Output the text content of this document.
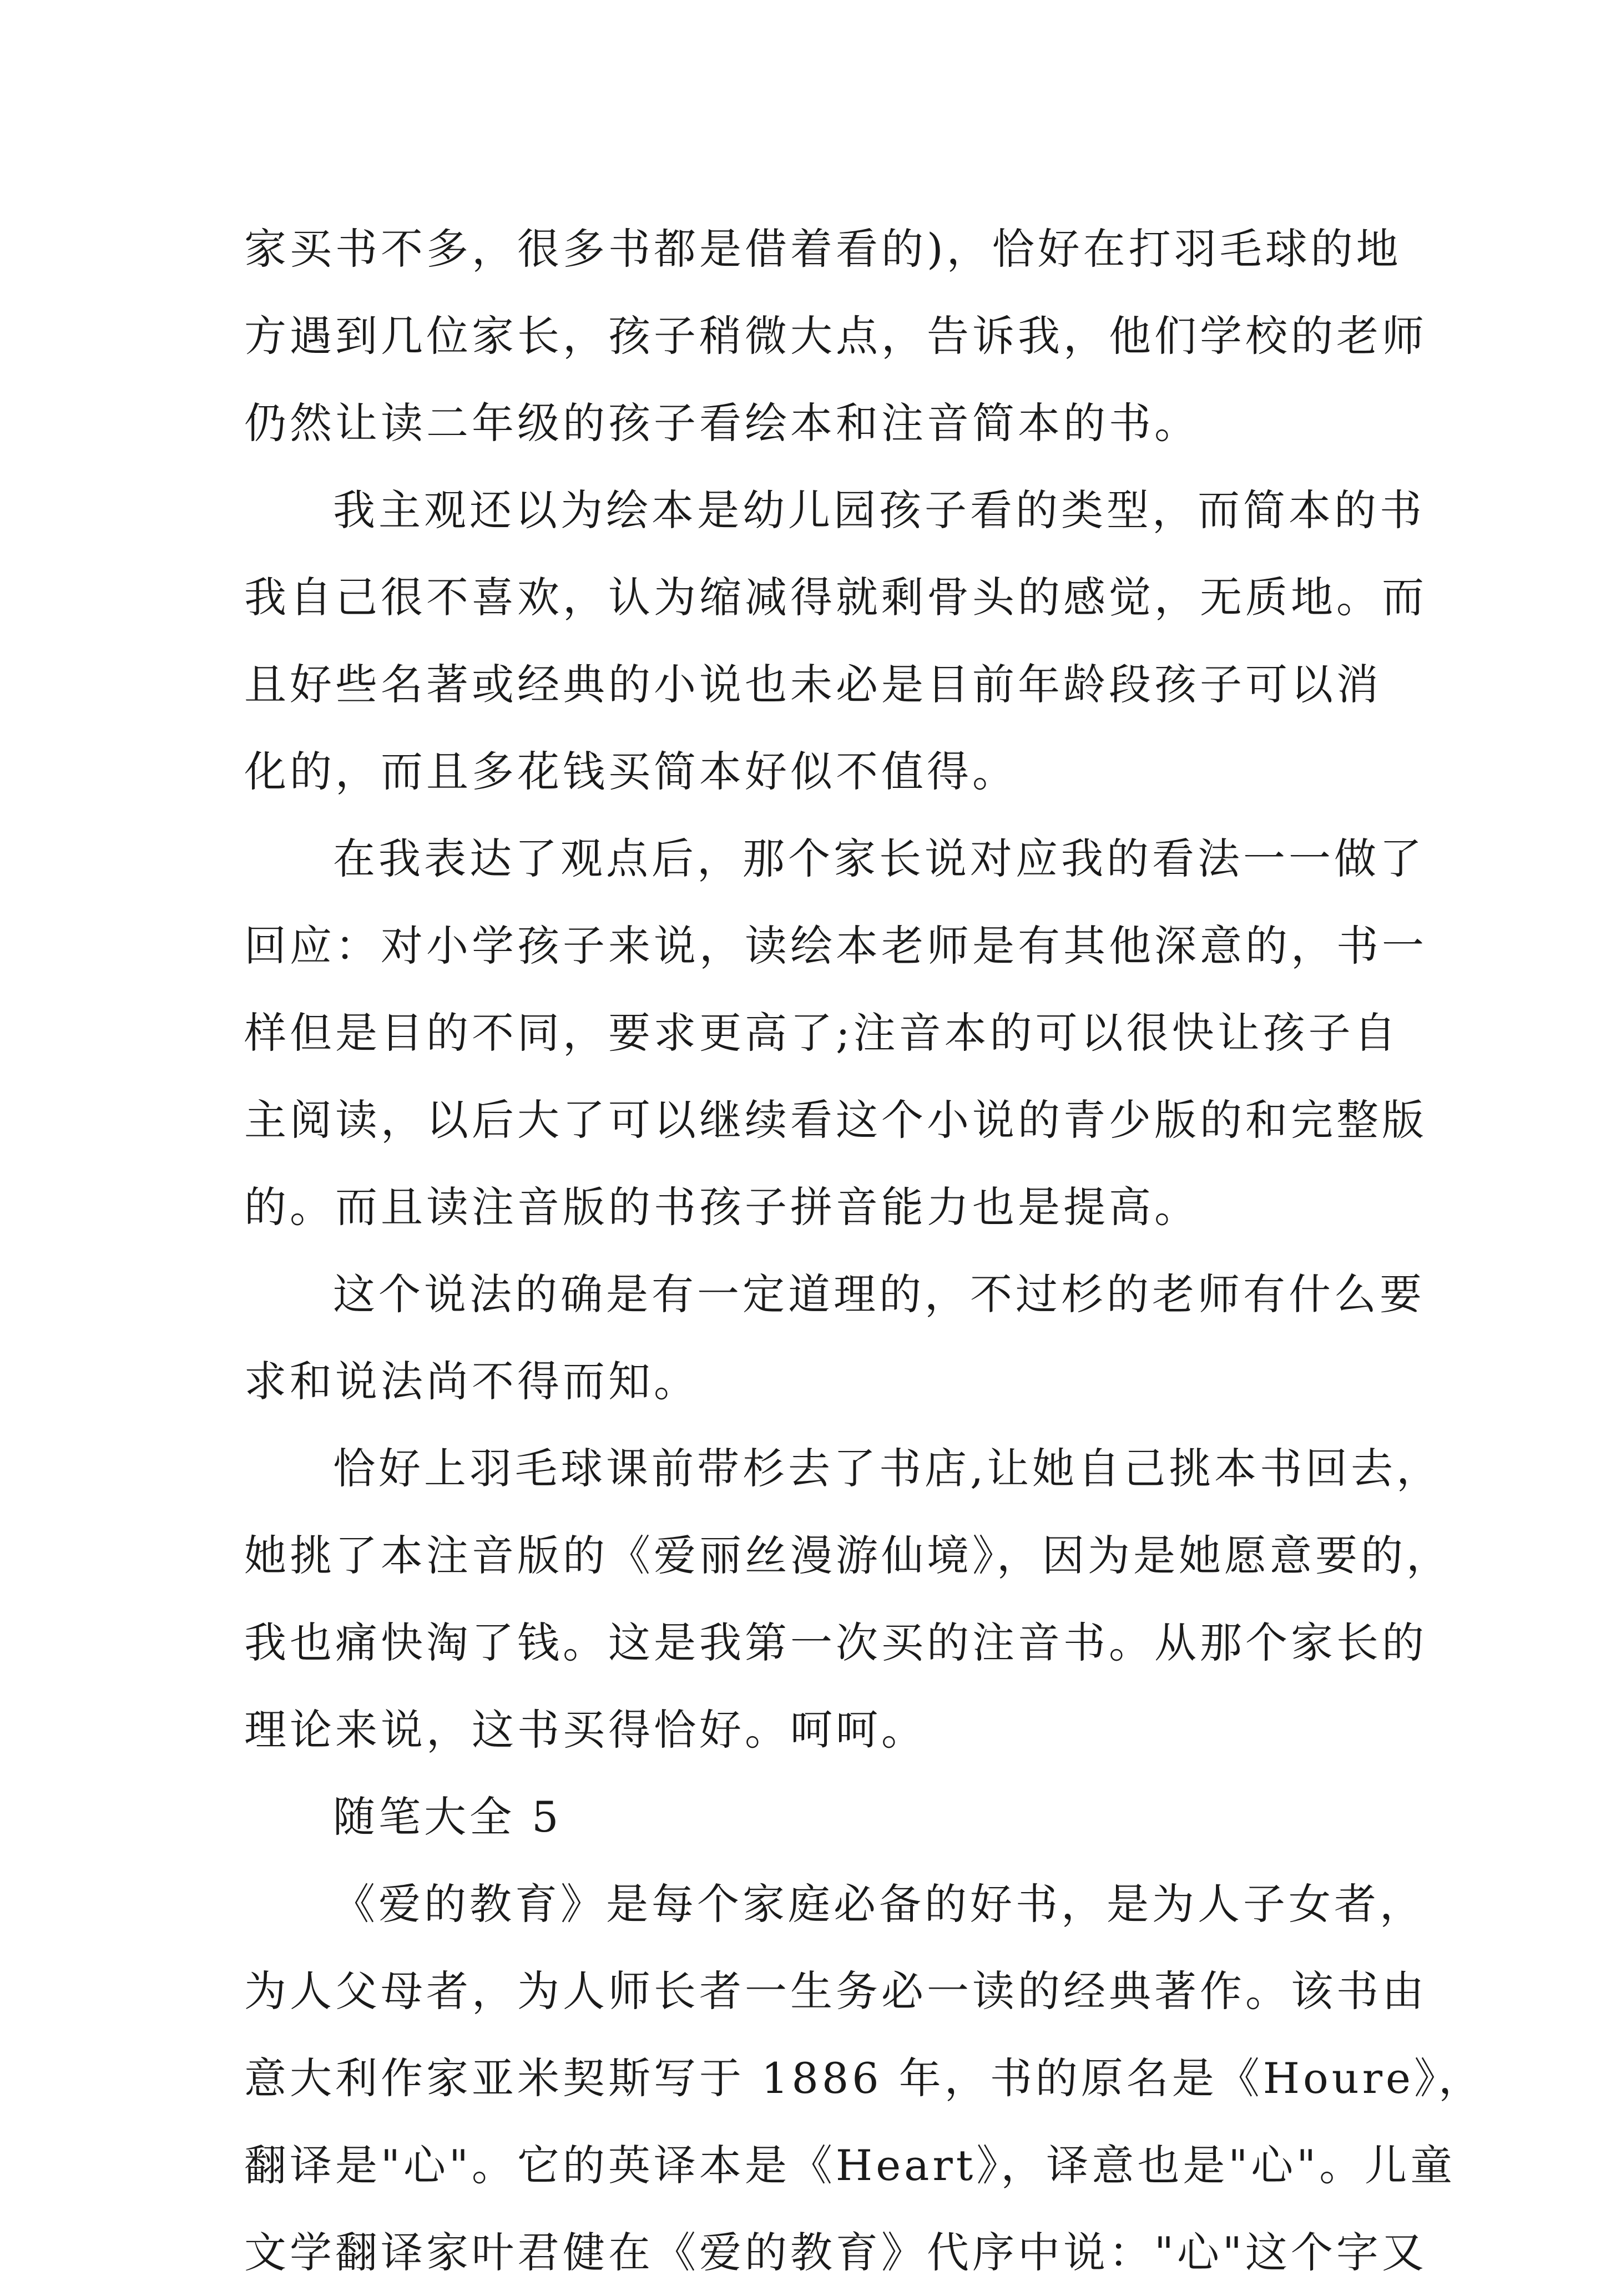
家买书不多，很多书都是借着看的)，恰好在打羽毛球的地
方遇到几位家长，孩子稍微大点，告诉我，他们学校的老师
仍然让读二年级的孩子看绘本和注音简本的书。
我主观还以为绘本是幼儿园孩子看的类型，而简本的书
我自己很不喜欢，认为缩减得就剩骨头的感觉，无质地。而
且好些名著或经典的小说也未必是目前年龄段孩子可以消
化的，而且多花钱买简本好似不值得。
在我表达了观点后，那个家长说对应我的看法一一做了
回应：对小学孩子来说，读绘本老师是有其他深意的，书一
样但是目的不同，要求更高了;注音本的可以很快让孩子自
主阅读，以后大了可以继续看这个小说的青少版的和完整版
的。而且读注音版的书孩子拼音能力也是提高。
这个说法的确是有一定道理的，不过杉的老师有什么要
求和说法尚不得而知。
恰好上羽毛球课前带杉去了书店,让她自己挑本书回去，
她挑了本注音版的《爱丽丝漫游仙境》，因为是她愿意要的，
我也痛快淘了钱。这是我第一次买的注音书。从那个家长的
理论来说，这书买得恰好。呵呵。
随笔大全 5
《爱的教育》是每个家庭必备的好书，是为人子女者，
为人父母者，为人师长者一生务必一读的经典著作。该书由
意大利作家亚米契斯写于 1886 年，书的原名是《Houre》，
翻译是"心"。它的英译本是《Heart》，译意也是"心"。儿童
文学翻译家叶君健在《爱的教育》代序中说："心"这个字又
